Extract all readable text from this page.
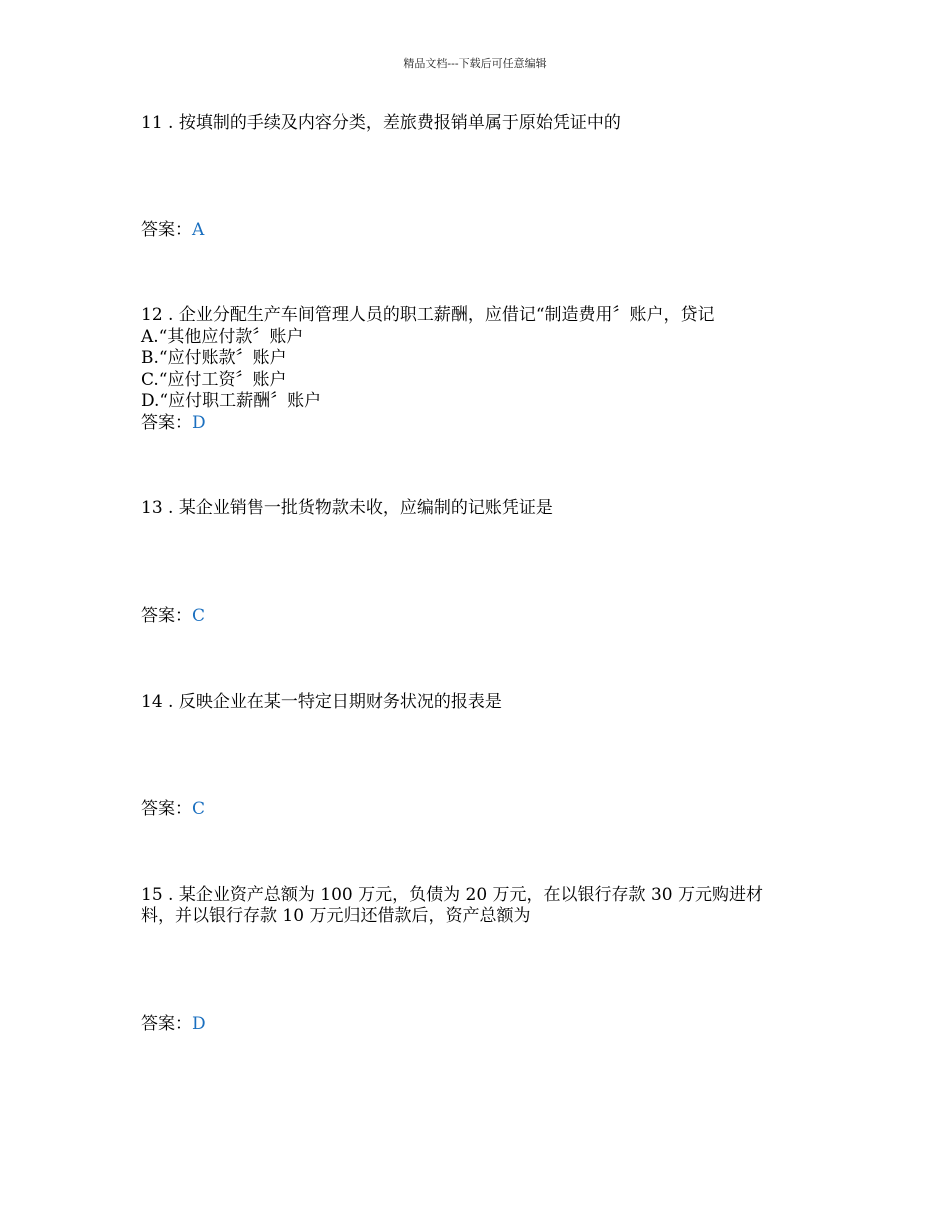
精品文档---下载后可任意编辑
11 . 按填制的手续及内容分类，差旅费报销单属于原始凭证中的
答案：A
12 . 企业分配生产车间管理人员的职工薪酬，应借记“制造费用〞账户，贷记
A.“其他应付款〞账户
B.“应付账款〞账户
C.“应付工资〞账户
D.“应付职工薪酬〞账户
答案：D
13 . 某企业销售一批货物款未收，应编制的记账凭证是
答案：C
14 . 反映企业在某一特定日期财务状况的报表是
答案：C
15 . 某企业资产总额为 100 万元，负债为 20 万元，在以银行存款 30 万元购进材
料，并以银行存款 10 万元归还借款后，资产总额为
答案：D
